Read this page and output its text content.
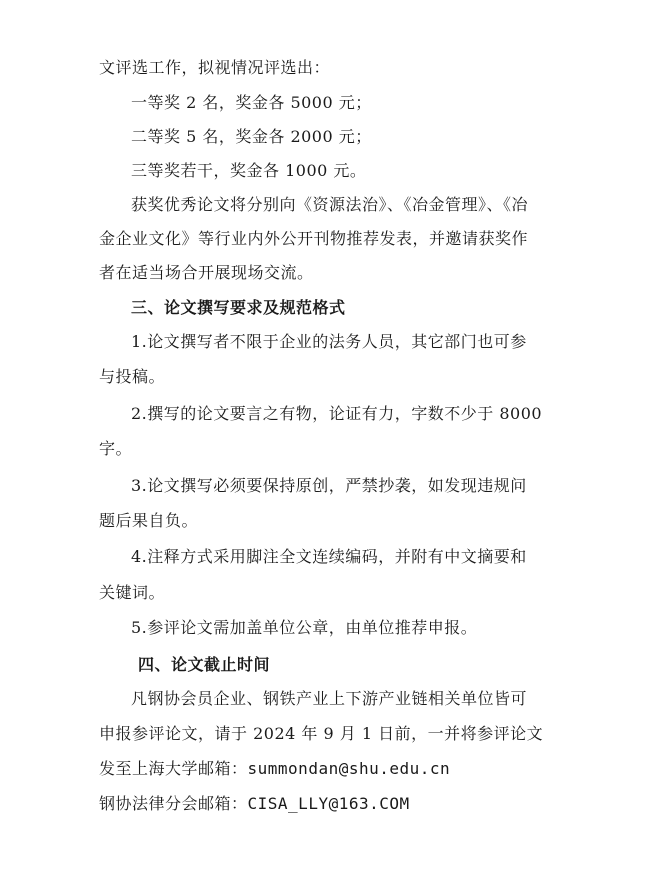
文评选工作，拟视情况评选出：
一等奖 2 名，奖金各 5000 元；
二等奖 5 名，奖金各 2000 元；
三等奖若干，奖金各 1000 元。
获奖优秀论文将分别向《资源法治》、《冶金管理》、《冶
金企业文化》等行业内外公开刊物推荐发表，并邀请获奖作
者在适当场合开展现场交流。
三、论文撰写要求及规范格式
1.论文撰写者不限于企业的法务人员，其它部门也可参
与投稿。
2.撰写的论文要言之有物，论证有力，字数不少于 8000
字。
3.论文撰写必须要保持原创，严禁抄袭，如发现违规问
题后果自负。
4.注释方式采用脚注全文连续编码，并附有中文摘要和
关键词。
5.参评论文需加盖单位公章，由单位推荐申报。
四、论文截止时间
凡钢协会员企业、钢铁产业上下游产业链相关单位皆可
申报参评论文，请于 2024 年 9 月 1 日前，一并将参评论文
发至上海大学邮箱：summondan@shu.edu.cn
钢协法律分会邮箱：CISA_LLY@163.COM
